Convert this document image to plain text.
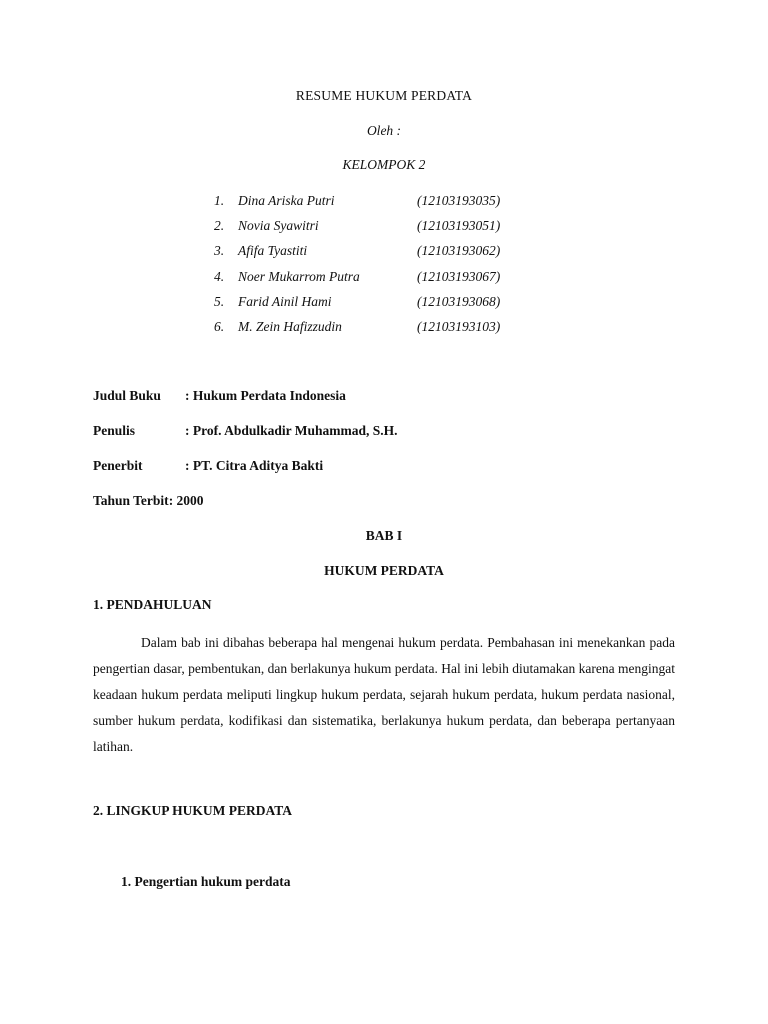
RESUME HUKUM PERDATA
Oleh :
KELOMPOK 2
1. Dina Ariska Putri	(12103193035)
2. Novia Syawitri	(12103193051)
3. Afifa Tyastiti	(12103193062)
4. Noer Mukarrom Putra	(12103193067)
5. Farid Ainil Hami	(12103193068)
6. M. Zein Hafizzudin	(12103193103)
Judul Buku : Hukum Perdata Indonesia
Penulis	: Prof. Abdulkadir Muhammad, S.H.
Penerbit	: PT. Citra Aditya Bakti
Tahun Terbit: 2000
BAB I
HUKUM PERDATA
1. PENDAHULUAN
Dalam bab ini dibahas beberapa hal mengenai hukum perdata. Pembahasan ini menekankan pada pengertian dasar, pembentukan, dan berlakunya hukum perdata. Hal ini lebih diutamakan karena mengingat keadaan hukum perdata meliputi lingkup hukum perdata, sejarah hukum perdata, hukum perdata nasional, sumber hukum perdata, kodifikasi dan sistematika, berlakunya hukum perdata, dan beberapa pertanyaan latihan.
2. LINGKUP HUKUM PERDATA
1. Pengertian hukum perdata
